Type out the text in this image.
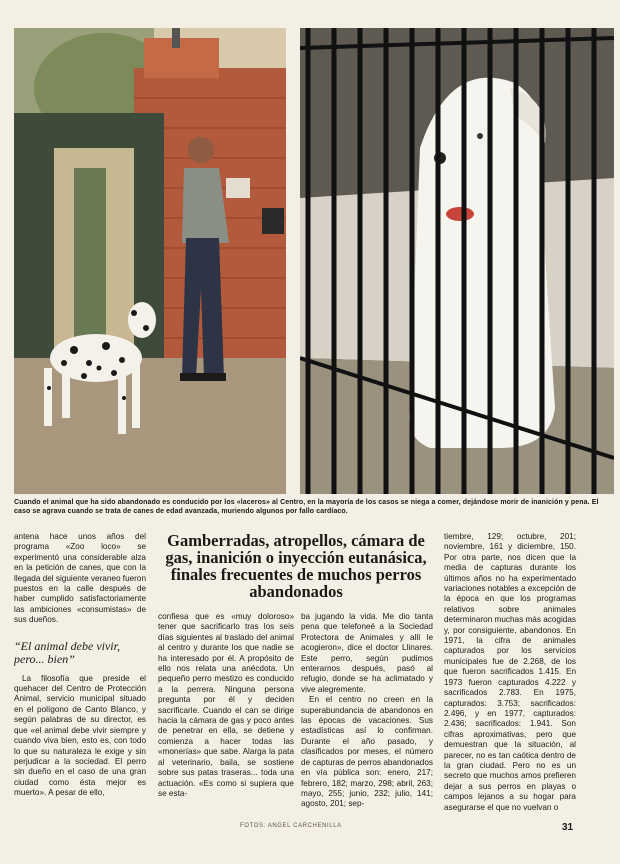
Cuando el animal que ha sido abandonado es conducido por los «laceros» al Centro, en la mayoría de los casos se niega a comer, dejándose morir de inanición y pena. El caso se agrava cuando se trata de canes de edad avanzada, muriendo algunos por fallo cardíaco.

Gamberradas, atropellos, cámara de gas, inanición o inyección eutanásica, finales frecuentes de muchos perros abandonados

antena hace unos años del programa «Zoo loco» se experimentó una considerable alza en la petición de canes, que con la llegada del siguiente veraneo fueron puestos en la calle después de haber cumplido satisfactoriamente las ambiciones «consumistas» de sus dueños.

“El animal debe vivir, pero... bien”

La filosofía que preside el quehacer del Centro de Protección Animal, servicio municipal situado en el polígono de Canto Blanco, y según palabras de su director, es que «el animal debe vivir siempre y cuando viva bien, esto es, con todo lo que su naturaleza le exige y sin perjudicar a la sociedad. El perro sin dueño en el caso de una gran ciudad como ésta mejor es muerto». A pesar de ello,

confiesa que es «muy doloroso» tener que sacrificarlo tras los seis días siguientes al traslado del animal al centro y durante los que nadie se ha interesado por él. A propósito de ello nos relata una anécdota. Un pequeño perro mestizo es conducido a la perrera. Ninguna persona pregunta por él y deciden sacrificarle. Cuando el can se dirige hacia la cámara de gas y poco antes de penetrar en ella, se detiene y comienza a hacer todas las «monerías» que sabe. Alarga la pata al veterinario, baila, se sostiene sobre sus patas traseras... toda una actuación. «Es como si supiera que se esta-

ba jugando la vida. Me dio tanta pena que telefoneé a la Sociedad Protectora de Animales y allí le acogieron», dice el doctor Llinares. Este perro, según pudimos enterarnos después, pasó al refugio, donde se ha aclimatado y vive alegremente.

En el centro no creen en la superabundancia de abandonos en las épocas de vacaciones. Sus estadísticas así lo confirman. Durante el año pasado, y clasificados por meses, el número de capturas de perros abandonados en vía pública son: enero, 217; febrero, 182; marzo, 298; abril, 263; mayo, 255; junio, 232; julio, 141; agosto, 201; sep-

tiembre, 129; octubre, 201; noviembre, 161 y diciembre, 150. Por otra parte, nos dicen que la media de capturas durante los últimos años no ha experimentado variaciones notables a excepción de la época en que los programas relativos sobre animales determinaron muchas más acogidas y, por consiguiente, abandonos. En 1971, la cifra de animales capturados por los servicios municipales fue de 2.268, de los que fueron sacrificados 1.415. En 1973 fueron capturados 4.222 y sacrificados 2.783. En 1975, capturados: 3.753; sacrificados: 2.496, y en 1977, capturados: 2.436; sacrificados: 1.941. Son cifras aproximativas, pero que demuestran que la situación, al parecer, no es tan caótica dentro de la gran ciudad. Pero no es un secreto que muchos amos prefieren dejar a sus perros en playas o campos lejanos a su hogar para asegurarse el que no vuelvan o

FOTOS: ANGEL CARCHENILLA	31
